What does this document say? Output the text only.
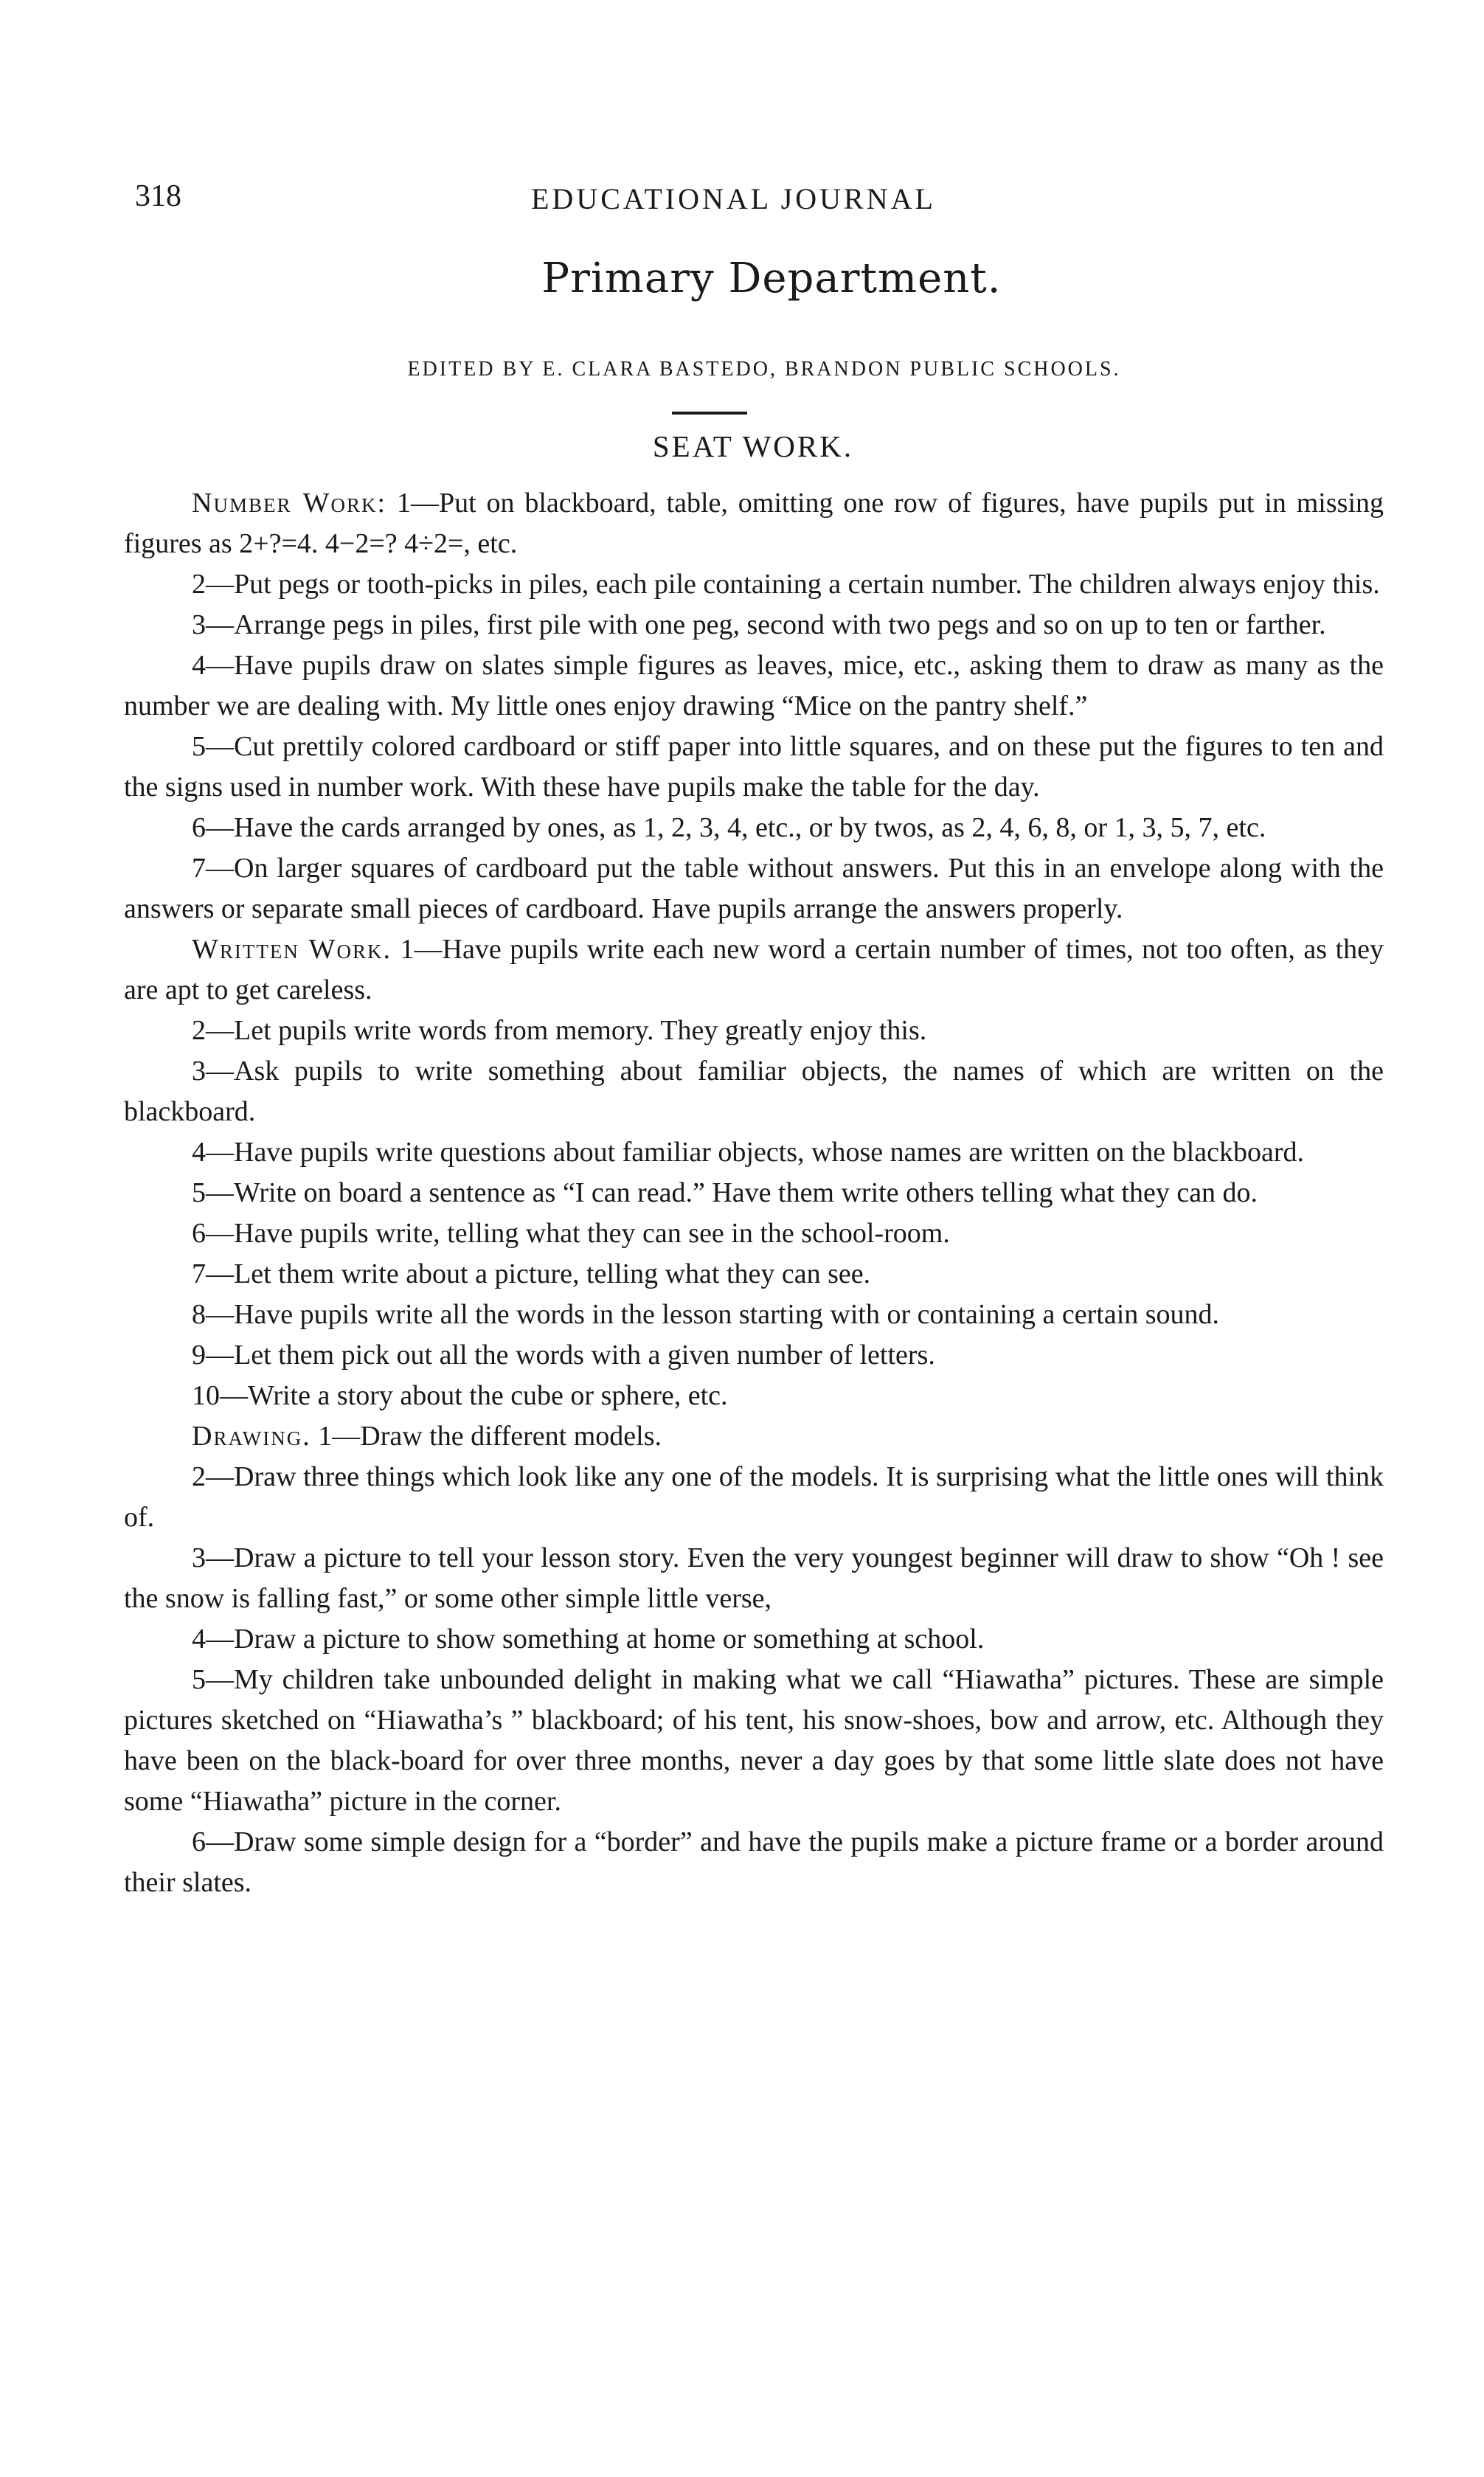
318	EDUCATIONAL JOURNAL
Primary Department.
EDITED BY E. CLARA BASTEDO, BRANDON PUBLIC SCHOOLS.
SEAT WORK.

Number Work: 1—Put on blackboard, table, omitting one row of figures, have pupils put in missing figures as 2+?=4. 4−2=? 4÷2=, etc.

2—Put pegs or tooth-picks in piles, each pile containing a certain number. The children always enjoy this.

3—Arrange pegs in piles, first pile with one peg, second with two pegs and so on up to ten or farther.

4—Have pupils draw on slates simple figures as leaves, mice, etc., asking them to draw as many as the number we are dealing with. My little ones enjoy drawing “Mice on the pantry shelf.”

5—Cut prettily colored cardboard or stiff paper into little squares, and on these put the figures to ten and the signs used in number work. With these have pupils make the table for the day.

6—Have the cards arranged by ones, as 1, 2, 3, 4, etc., or by twos, as 2, 4, 6, 8, or 1, 3, 5, 7, etc.

7—On larger squares of cardboard put the table without answers. Put this in an envelope along with the answers or separate small pieces of cardboard. Have pupils arrange the answers properly.

Written Work. 1—Have pupils write each new word a certain number of times, not too often, as they are apt to get careless.

2—Let pupils write words from memory. They greatly enjoy this.

3—Ask pupils to write something about familiar objects, the names of which are written on the blackboard.

4—Have pupils write questions about familiar objects, whose names are written on the blackboard.

5—Write on board a sentence as “I can read.” Have them write others telling what they can do.

6—Have pupils write, telling what they can see in the school-room.

7—Let them write about a picture, telling what they can see.

8—Have pupils write all the words in the lesson starting with or containing a certain sound.

9—Let them pick out all the words with a given number of letters.

10—Write a story about the cube or sphere, etc.

Drawing. 1—Draw the different models.

2—Draw three things which look like any one of the models. It is surprising what the little ones will think of.

3—Draw a picture to tell your lesson story. Even the very youngest beginner will draw to show “Oh ! see the snow is falling fast,” or some other simple little verse,

4—Draw a picture to show something at home or something at school.

5—My children take unbounded delight in making what we call “Hiawatha” pictures. These are simple pictures sketched on “Hiawatha’s ” blackboard; of his tent, his snow-shoes, bow and arrow, etc. Although they have been on the black-board for over three months, never a day goes by that some little slate does not have some “Hiawatha” picture in the corner.

6—Draw some simple design for a “border” and have the pupils make a picture frame or a border around their slates.
